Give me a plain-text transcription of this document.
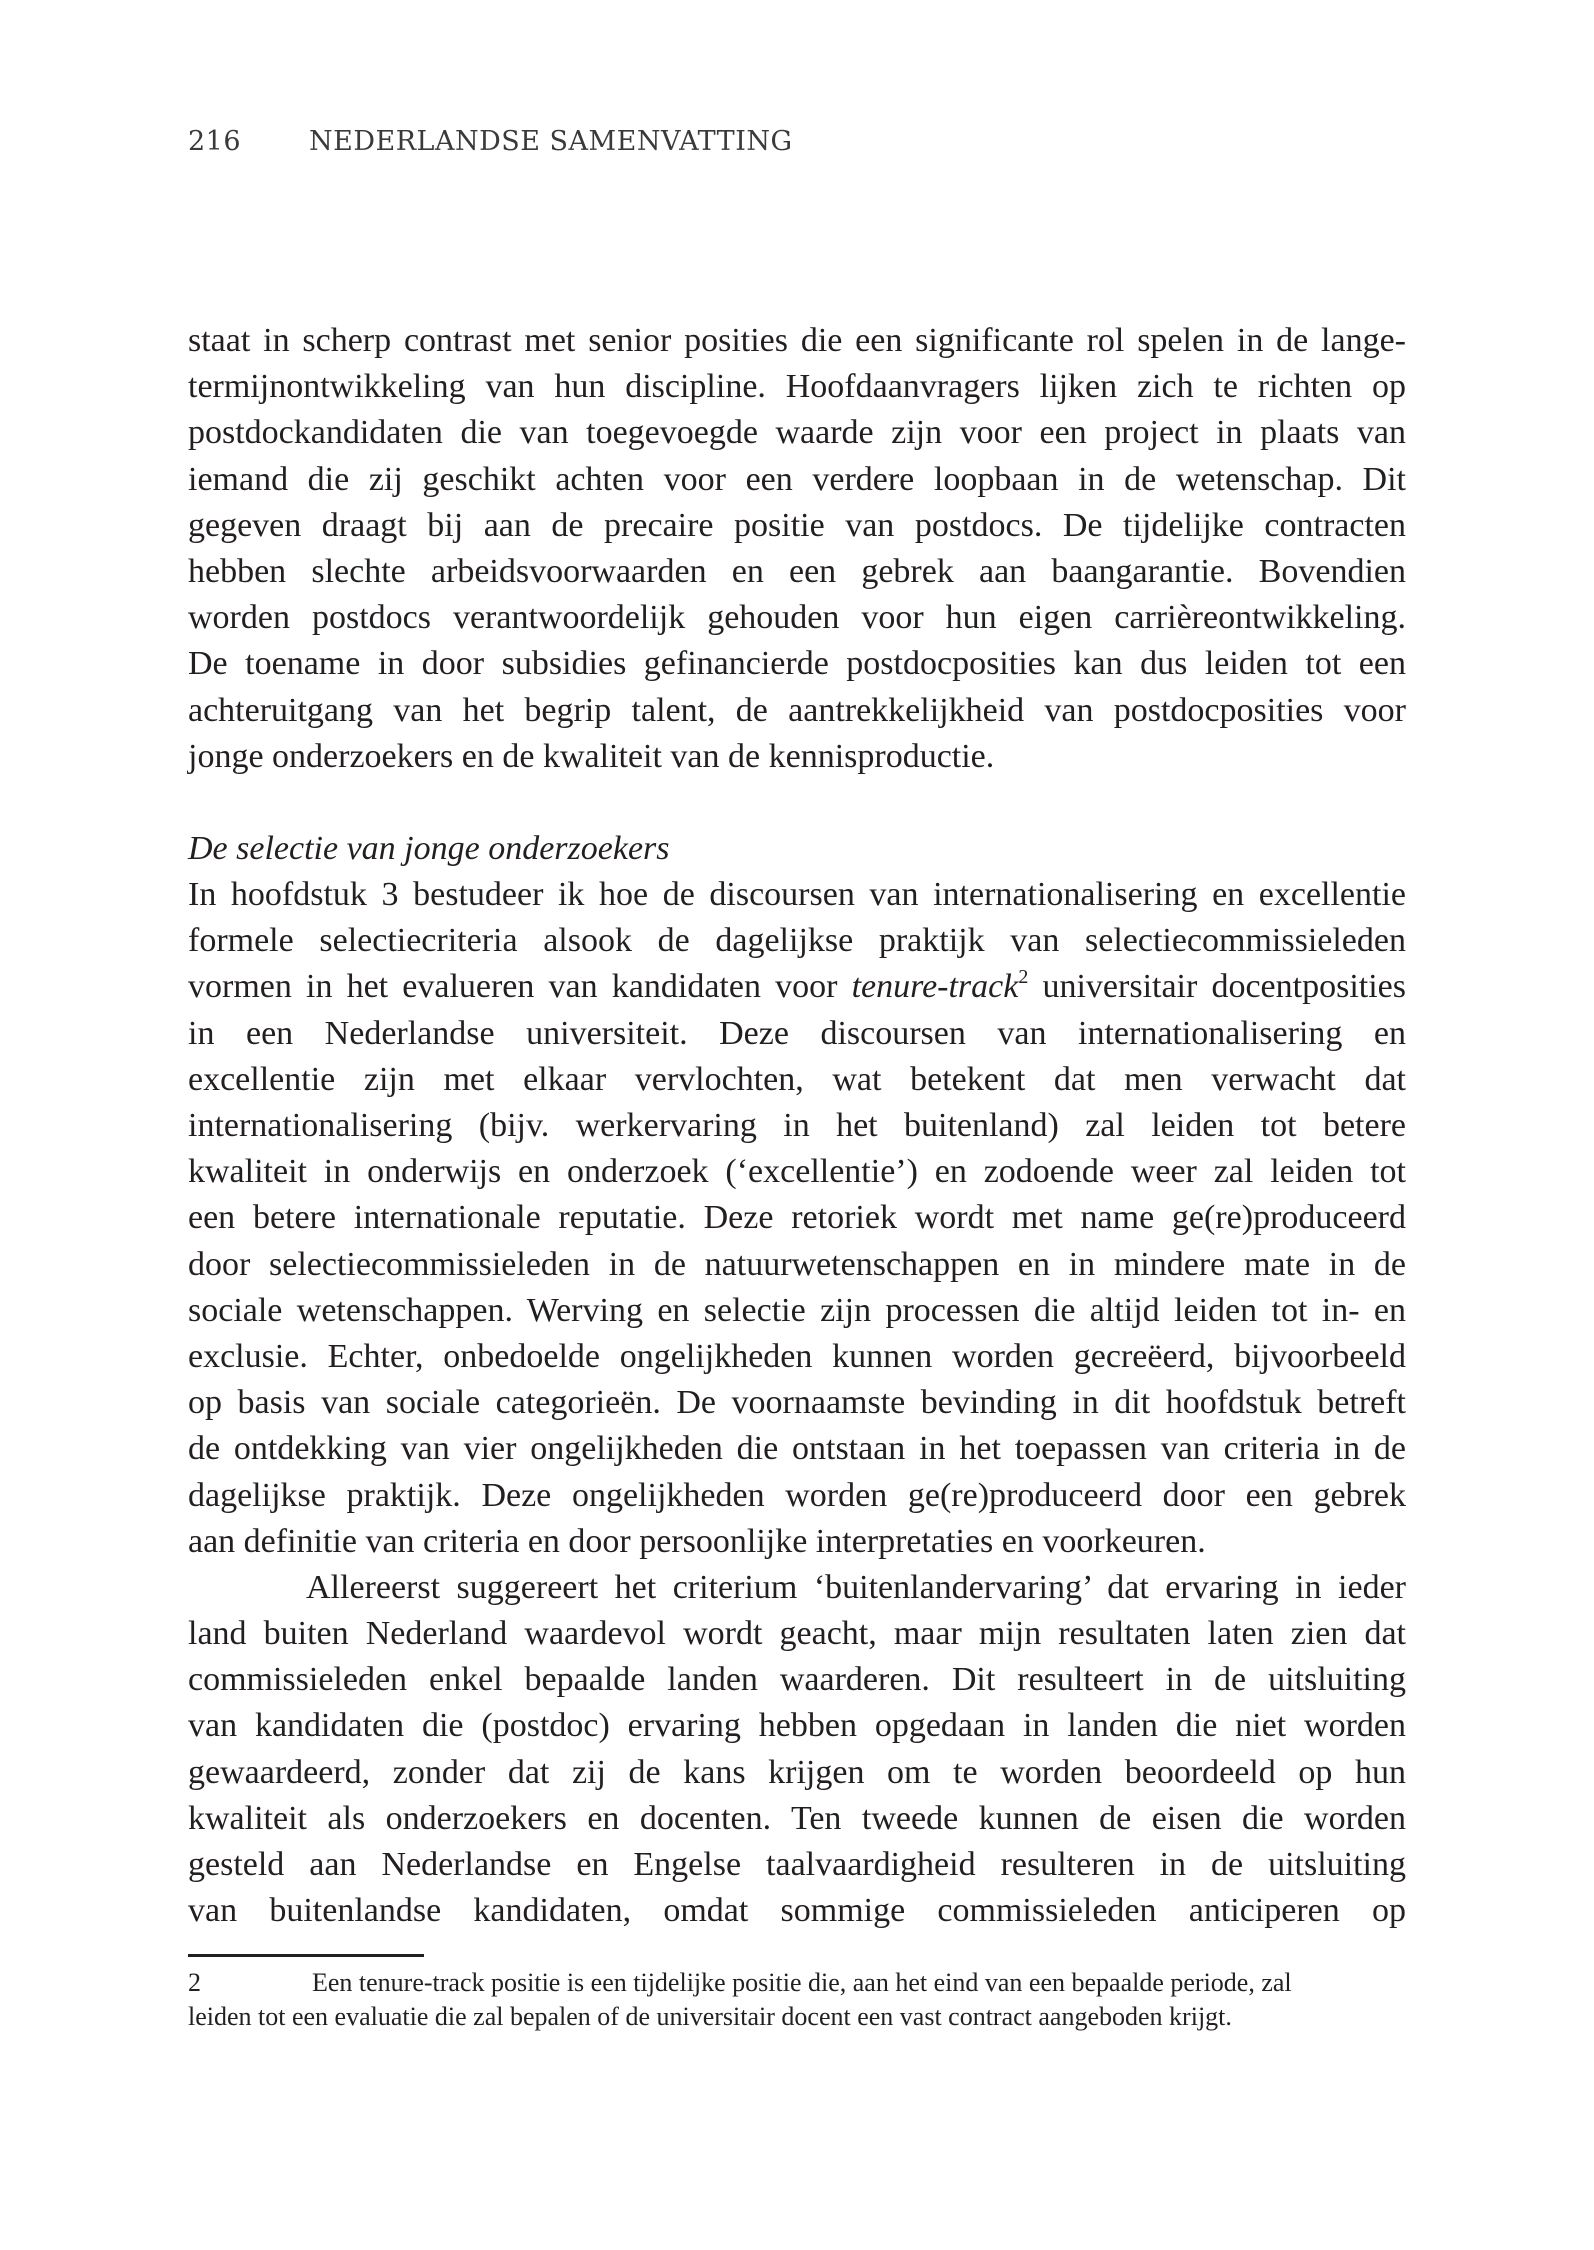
216	NEDERLANDSE SAMENVATTING
staat in scherp contrast met senior posities die een significante rol spelen in de lange-
termijnontwikkeling van hun discipline. Hoofdaanvragers lijken zich te richten op
postdockandidaten die van toegevoegde waarde zijn voor een project in plaats van
iemand die zij geschikt achten voor een verdere loopbaan in de wetenschap. Dit
gegeven draagt bij aan de precaire positie van postdocs. De tijdelijke contracten
hebben slechte arbeidsvoorwaarden en een gebrek aan baangarantie. Bovendien
worden postdocs verantwoordelijk gehouden voor hun eigen carrièreontwikkeling.
De toename in door subsidies gefinancierde postdocposities kan dus leiden tot een
achteruitgang van het begrip talent, de aantrekkelijkheid van postdocposities voor
jonge onderzoekers en de kwaliteit van de kennisproductie.
De selectie van jonge onderzoekers
In hoofdstuk 3 bestudeer ik hoe de discoursen van internationalisering en excellentie
formele selectiecriteria alsook de dagelijkse praktijk van selectiecommissieleden
vormen in het evalueren van kandidaten voor tenure-track$^2$ universitair docentposities
in een Nederlandse universiteit. Deze discoursen van internationalisering en
excellentie zijn met elkaar vervlochten, wat betekent dat men verwacht dat
internationalisering (bijv. werkervaring in het buitenland) zal leiden tot betere
kwaliteit in onderwijs en onderzoek (‘excellentie’) en zodoende weer zal leiden tot
een betere internationale reputatie. Deze retoriek wordt met name ge(re)produceerd
door selectiecommissieleden in de natuurwetenschappen en in mindere mate in de
sociale wetenschappen. Werving en selectie zijn processen die altijd leiden tot in- en
exclusie. Echter, onbedoelde ongelijkheden kunnen worden gecreëerd, bijvoorbeeld
op basis van sociale categorieën. De voornaamste bevinding in dit hoofdstuk betreft
de ontdekking van vier ongelijkheden die ontstaan in het toepassen van criteria in de
dagelijkse praktijk. Deze ongelijkheden worden ge(re)produceerd door een gebrek
aan definitie van criteria en door persoonlijke interpretaties en voorkeuren.
Allereerst suggereert het criterium ‘buitenlandervaring’ dat ervaring in ieder
land buiten Nederland waardevol wordt geacht, maar mijn resultaten laten zien dat
commissieleden enkel bepaalde landen waarderen. Dit resulteert in de uitsluiting
van kandidaten die (postdoc) ervaring hebben opgedaan in landen die niet worden
gewaardeerd, zonder dat zij de kans krijgen om te worden beoordeeld op hun
kwaliteit als onderzoekers en docenten. Ten tweede kunnen de eisen die worden
gesteld aan Nederlandse en Engelse taalvaardigheid resulteren in de uitsluiting
van buitenlandse kandidaten, omdat sommige commissieleden anticiperen op
2	Een tenure-track positie is een tijdelijke positie die, aan het eind van een bepaalde periode, zal
leiden tot een evaluatie die zal bepalen of de universitair docent een vast contract aangeboden krijgt.
